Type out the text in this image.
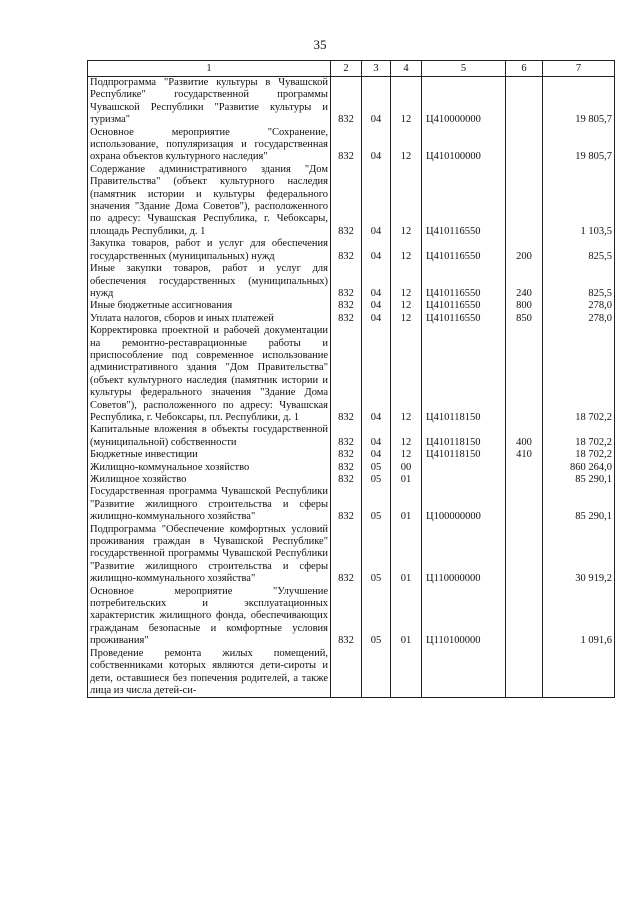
35
1	2	3	4	5	6	7
Подпрограмма "Развитие культуры в Чувашской Республике" государственной программы Чувашской Республики "Развитие культуры и туризма"	832	04	12	Ц410000000		19 805,7
Основное мероприятие "Сохранение, использование, популяризация и государственная охрана объектов культурного наследия"	832	04	12	Ц410100000		19 805,7
Содержание административного здания "Дом Правительства" (объект культурного наследия (памятник истории и культуры федерального значения "Здание Дома Советов"), расположенного по адресу: Чувашская Республика, г. Чебоксары, площадь Республики, д. 1	832	04	12	Ц410116550		1 103,5
Закупка товаров, работ и услуг для обеспечения государственных (муниципальных) нужд	832	04	12	Ц410116550	200	825,5
Иные закупки товаров, работ и услуг для обеспечения государственных (муниципальных) нужд	832	04	12	Ц410116550	240	825,5
Иные бюджетные ассигнования	832	04	12	Ц410116550	800	278,0
Уплата налогов, сборов и иных платежей	832	04	12	Ц410116550	850	278,0
Корректировка проектной и рабочей документации на ремонтно-реставрационные работы и приспособление под современное использование административного здания "Дом Правительства" (объект культурного наследия (памятник истории и культуры федерального значения "Здание Дома Советов"), расположенного по адресу: Чувашская Республика, г. Чебоксары, пл. Республики, д. 1	832	04	12	Ц410118150		18 702,2
Капитальные вложения в объекты государственной (муниципальной) собственности	832	04	12	Ц410118150	400	18 702,2
Бюджетные инвестиции	832	04	12	Ц410118150	410	18 702,2
Жилищно-коммунальное хозяйство	832	05	00			860 264,0
Жилищное хозяйство	832	05	01			85 290,1
Государственная программа Чувашской Республики "Развитие жилищного строительства и сферы жилищно-коммунального хозяйства"	832	05	01	Ц100000000		85 290,1
Подпрограмма "Обеспечение комфортных условий проживания граждан в Чувашской Республике" государственной программы Чувашской Республики "Развитие жилищного строительства и сферы жилищно-коммунального хозяйства"	832	05	01	Ц110000000		30 919,2
Основное мероприятие "Улучшение потребительских и эксплуатационных характеристик жилищного фонда, обеспечивающих гражданам безопасные и комфортные условия проживания"	832	05	01	Ц110100000		1 091,6
Проведение ремонта жилых помещений, собственниками которых являются дети-сироты и дети, оставшиеся без попечения родителей, а также лица из числа детей-си-						
